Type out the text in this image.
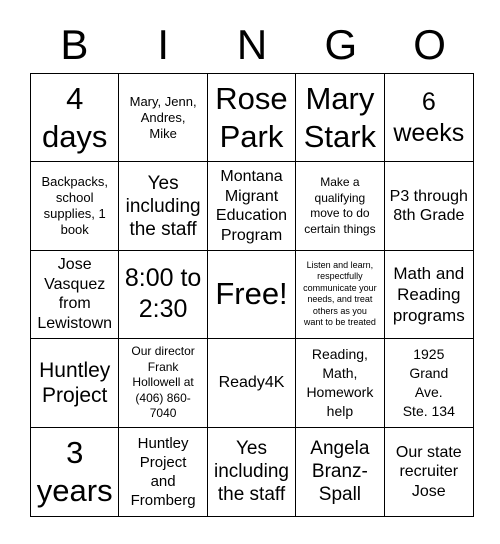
B	I	N	G	O
4 days
Mary, Jenn, Andres, Mike
Rose Park
Mary Stark
6 weeks
Backpacks, school supplies, 1 book
Yes including the staff
Montana Migrant Education Program
Make a qualifying move to do certain things
P3 through 8th Grade
Jose Vasquez from Lewistown
8:00 to 2:30 Free!
Listen and learn, respectfully communicate your needs, and treat others as you want to be treated
Math and Reading programs
Huntley Project
Our director Frank Hollowell at (406) 860-7040
Ready4K
Reading, Math, Homework help
1925 Grand Ave. Ste. 134
3 years
Huntley Project and Fromberg
Yes including the staff
Angela Branz-Spall
Our state recruiter Jose
